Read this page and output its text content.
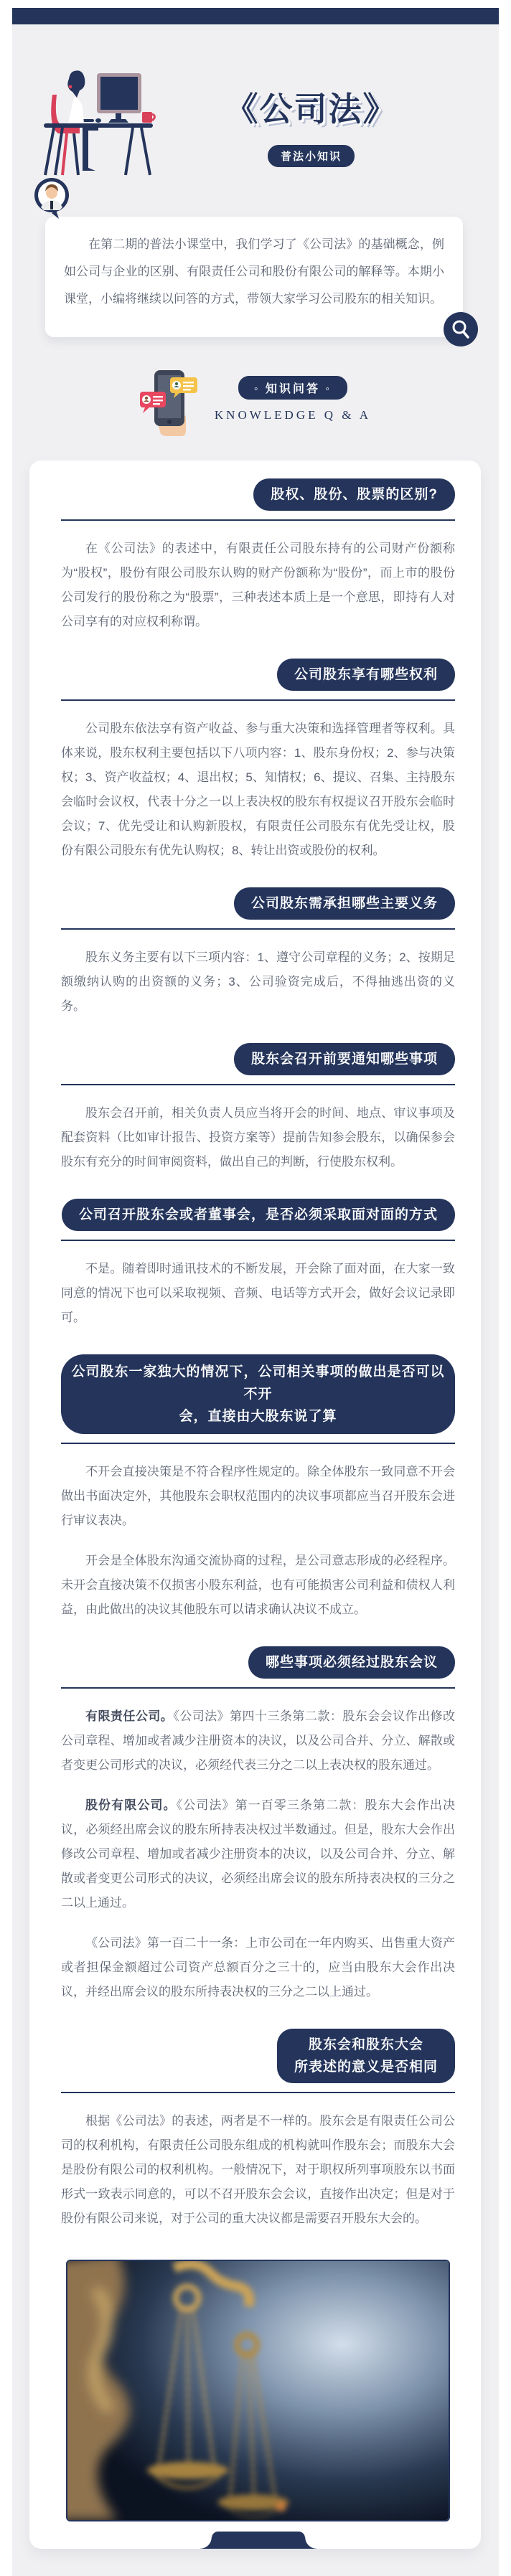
《公司法》
普法小知识

在第二期的普法小课堂中，我们学习了《公司法》的基础概念，例如公司与企业的区别、有限责任公司和股份有限公司的解释等。本期小课堂，小编将继续以问答的方式，带领大家学习公司股东的相关知识。

◦ 知识问答 ◦
KNOWLEDGE Q & A
股权、股份、股票的区别?

在《公司法》的表述中，有限责任公司股东持有的公司财产份额称为“股权”，股份有限公司股东认购的财产份额称为“股份”，而上市的股份公司发行的股份称之为“股票”，三种表述本质上是一个意思，即持有人对公司享有的对应权利称谓。

公司股东享有哪些权利

公司股东依法享有资产收益、参与重大决策和选择管理者等权利。具体来说，股东权利主要包括以下八项内容：1、股东身份权；2、参与决策权；3、资产收益权；4、退出权；5、知情权；6、提议、召集、主持股东会临时会议权，代表十分之一以上表决权的股东有权提议召开股东会临时会议；7、优先受让和认购新股权，有限责任公司股东有优先受让权，股份有限公司股东有优先认购权；8、转让出资或股份的权利。

公司股东需承担哪些主要义务

股东义务主要有以下三项内容：1、遵守公司章程的义务；2、按期足额缴纳认购的出资额的义务；3、公司验资完成后，不得抽逃出资的义务。

股东会召开前要通知哪些事项

股东会召开前，相关负责人员应当将开会的时间、地点、审议事项及配套资料（比如审计报告、投资方案等）提前告知参会股东，以确保参会股东有充分的时间审阅资料，做出自己的判断，行使股东权利。

公司召开股东会或者董事会，是否必须采取面对面的方式

不是。随着即时通讯技术的不断发展，开会除了面对面，在大家一致同意的情况下也可以采取视频、音频、电话等方式开会，做好会议记录即可。

公司股东一家独大的情况下，公司相关事项的做出是否可以不开
会，直接由大股东说了算

不开会直接决策是不符合程序性规定的。除全体股东一致同意不开会做出书面决定外，其他股东会职权范围内的决议事项都应当召开股东会进行审议表决。

开会是全体股东沟通交流协商的过程，是公司意志形成的必经程序。未开会直接决策不仅损害小股东利益，也有可能损害公司利益和债权人利益，由此做出的决议其他股东可以请求确认决议不成立。

哪些事项必须经过股东会议

有限责任公司。《公司法》第四十三条第二款：股东会会议作出修改公司章程、增加或者减少注册资本的决议，以及公司合并、分立、解散或者变更公司形式的决议，必须经代表三分之二以上表决权的股东通过。

股份有限公司。《公司法》第一百零三条第二款：股东大会作出决议，必须经出席会议的股东所持表决权过半数通过。但是，股东大会作出修改公司章程、增加或者减少注册资本的决议，以及公司合并、分立、解散或者变更公司形式的决议，必须经出席会议的股东所持表决权的三分之二以上通过。

《公司法》第一百二十一条：上市公司在一年内购买、出售重大资产或者担保金额超过公司资产总额百分之三十的，应当由股东大会作出决议，并经出席会议的股东所持表决权的三分之二以上通过。

股东会和股东大会
所表述的意义是否相同

根据《公司法》的表述，两者是不一样的。股东会是有限责任公司公司的权利机构，有限责任公司股东组成的机构就叫作股东会；而股东大会是股份有限公司的权利机构。一般情况下，对于职权所列事项股东以书面形式一致表示同意的，可以不召开股东会会议，直接作出决定；但是对于股份有限公司来说，对于公司的重大决议都是需要召开股东大会的。
